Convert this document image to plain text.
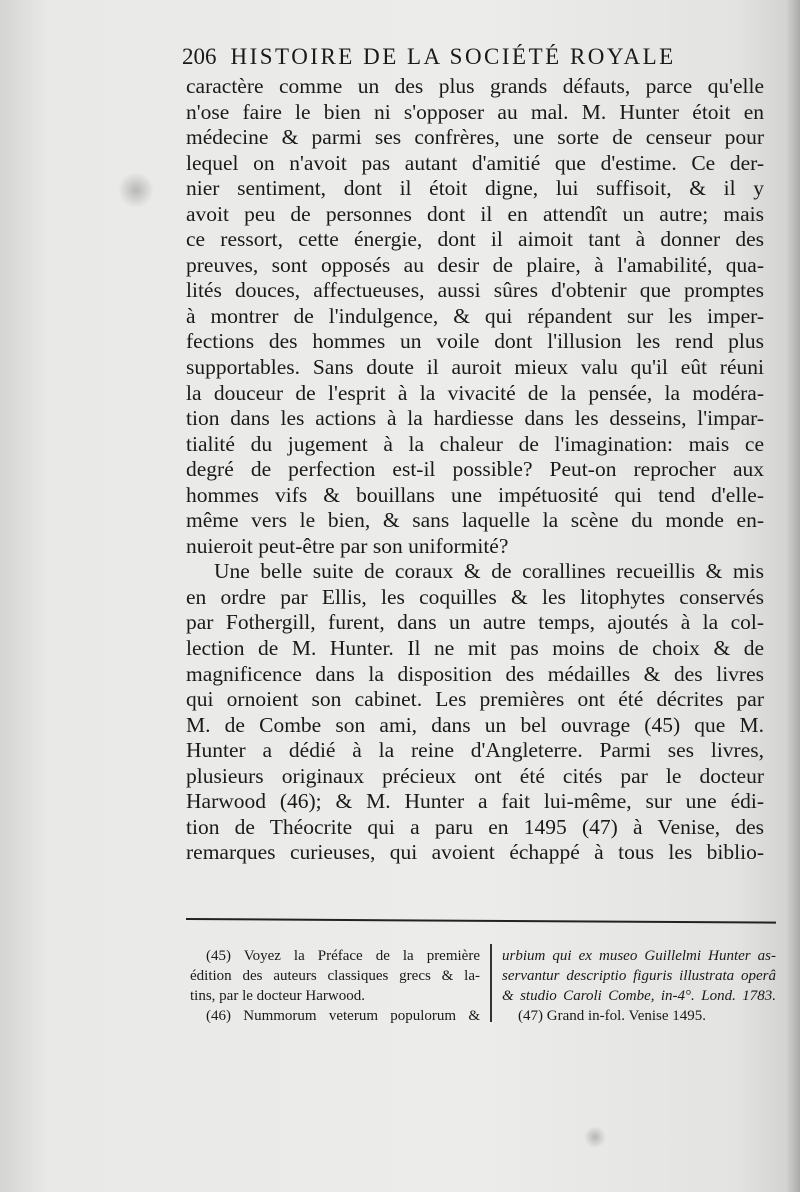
206 HISTOIRE DE LA SOCIÉTÉ ROYALE
caractère comme un des plus grands défauts, parce qu'elle
n'ose faire le bien ni s'opposer au mal. M. Hunter étoit en
médecine & parmi ses confrères, une sorte de censeur pour
lequel on n'avoit pas autant d'amitié que d'estime. Ce der-
nier sentiment, dont il étoit digne, lui suffisoit, & il y
avoit peu de personnes dont il en attendît un autre; mais
ce ressort, cette énergie, dont il aimoit tant à donner des
preuves, sont opposés au desir de plaire, à l'amabilité, qua-
lités douces, affectueuses, aussi sûres d'obtenir que promptes
à montrer de l'indulgence, & qui répandent sur les imper-
fections des hommes un voile dont l'illusion les rend plus
supportables. Sans doute il auroit mieux valu qu'il eût réuni
la douceur de l'esprit à la vivacité de la pensée, la modéra-
tion dans les actions à la hardiesse dans les desseins, l'impar-
tialité du jugement à la chaleur de l'imagination: mais ce
degré de perfection est-il possible? Peut-on reprocher aux
hommes vifs & bouillans une impétuosité qui tend d'elle-
même vers le bien, & sans laquelle la scène du monde en-
nuieroit peut-être par son uniformité?
Une belle suite de coraux & de corallines recueillis & mis
en ordre par Ellis, les coquilles & les litophytes conservés
par Fothergill, furent, dans un autre temps, ajoutés à la col-
lection de M. Hunter. Il ne mit pas moins de choix & de
magnificence dans la disposition des médailles & des livres
qui ornoient son cabinet. Les premières ont été décrites par
M. de Combe son ami, dans un bel ouvrage (45) que M.
Hunter a dédié à la reine d'Angleterre. Parmi ses livres,
plusieurs originaux précieux ont été cités par le docteur
Harwood (46); & M. Hunter a fait lui-même, sur une édi-
tion de Théocrite qui a paru en 1495 (47) à Venise, des
remarques curieuses, qui avoient échappé à tous les biblio-
(45) Voyez la Préface de la première
édition des auteurs classiques grecs & la-
tins, par le docteur Harwood.
(46) Nummorum veterum populorum &
urbium qui ex museo Guillelmi Hunter as-
servantur descriptio figuris illustrata operâ
& studio Caroli Combe, in-4°. Lond. 1783.
(47) Grand in-fol. Venise 1495.
